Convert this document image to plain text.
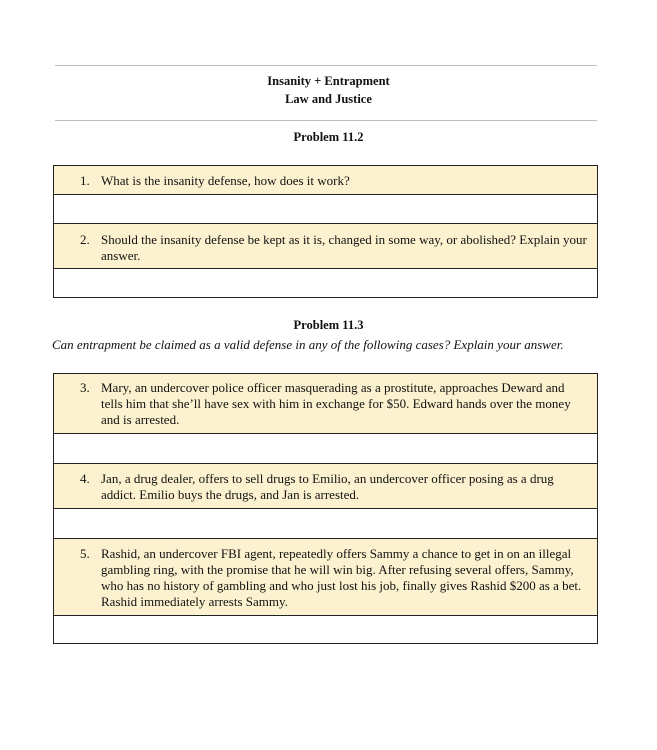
Insanity + Entrapment
Law and Justice
Problem 11.2
1. What is the insanity defense, how does it work?
2. Should the insanity defense be kept as it is, changed in some way, or abolished? Explain your answer.
Problem 11.3
Can entrapment be claimed as a valid defense in any of the following cases? Explain your answer.
3. Mary, an undercover police officer masquerading as a prostitute, approaches Deward and tells him that she’ll have sex with him in exchange for $50. Edward hands over the money and is arrested.
4. Jan, a drug dealer, offers to sell drugs to Emilio, an undercover officer posing as a drug addict. Emilio buys the drugs, and Jan is arrested.
5. Rashid, an undercover FBI agent, repeatedly offers Sammy a chance to get in on an illegal gambling ring, with the promise that he will win big. After refusing several offers, Sammy, who has no history of gambling and who just lost his job, finally gives Rashid $200 as a bet. Rashid immediately arrests Sammy.
